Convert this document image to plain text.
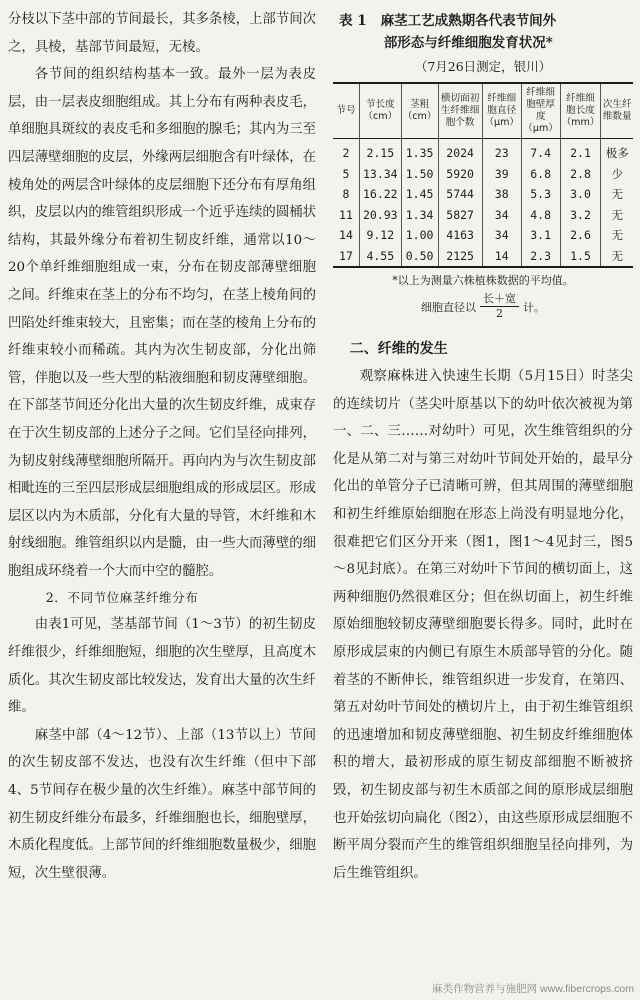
分枝以下茎中部的节间最长，其多条棱，上部节间次之，具棱，基部节间最短，无棱。

各节间的组织结构基本一致。最外一层为表皮层，由一层表皮细胞组成。其上分布有两种表皮毛，单细胞具斑纹的表皮毛和多细胞的腺毛；其内为三至四层薄壁细胞的皮层，外缘两层细胞含有叶绿体，在棱角处的两层含叶绿体的皮层细胞下还分布有厚角组织，皮层以内的维管组织形成一个近乎连续的圆桶状结构，其最外缘分布着初生韧皮纤维，通常以10～20个单纤维细胞组成一束，分布在韧皮部薄壁细胞之间。纤维束在茎上的分布不均匀，在茎上棱角间的凹陷处纤维束较大，且密集；而在茎的棱角上分布的纤维束较小而稀疏。其内为次生韧皮部，分化出筛管，伴胞以及一些大型的粘液细胞和韧皮薄壁细胞。在下部茎节间还分化出大量的次生韧皮纤维，成束存在于次生韧皮部的上述分子之间。它们呈径向排列，为韧皮射线薄壁细胞所隔开。再向内为与次生韧皮部相毗连的三至四层形成层细胞组成的形成层区。形成层区以内为木质部，分化有大量的导管，木纤维和木射线细胞。维管组织以内是髓，由一些大而薄壁的细胞组成环绕着一个大而中空的髓腔。

2．不同节位麻茎纤维分布

由表1可见，茎基部节间（1～3节）的初生韧皮纤维很少，纤维细胞短，细胞的次生壁厚，且高度木质化。其次生韧皮部比较发达，发育出大量的次生纤维。

麻茎中部（4～12节）、上部（13节以上）节间的次生韧皮部不发达，也没有次生纤维（但中下部4、5节间存在极少量的次生纤维）。麻茎中部节间的初生韧皮纤维分布最多，纤维细胞也长，细胞壁厚，木质化程度低。上部节间的纤维细胞数量极少，细胞短，次生壁很薄。

表 1 麻茎工艺成熟期各代表节间外
部形态与纤维细胞发育状况*
（7月26日测定，银川）
节号	节长度（cm）	茎粗（cm）	横切面初生纤维细胞个数	纤维细胞直径（μm）	纤维细胞壁厚度（μm）	纤维细胞长度（mm）	次生纤维数量
2	2.15	1.35	2024	23	7.4	2.1	极多
5	13.34	1.50	5920	39	6.8	2.8	少
8	16.22	1.45	5744	38	5.3	3.0	无
11	20.93	1.34	5827	34	4.8	3.2	无
14	9.12	1.00	4163	34	3.1	2.6	无
17	4.55	0.50	2125	14	2.3	1.5	无
*以上为测量六株植株数据的平均值。
细胞直径以 $\frac{\text{长＋宽}}{2}$ 计。
二、纤维的发生

观察麻株进入快速生长期（5月15日）时茎尖的连续切片（茎尖叶原基以下的幼叶依次被视为第一、二、三……对幼叶）可见，次生维管组织的分化是从第二对与第三对幼叶节间处开始的，最早分化出的单管分子已清晰可辨，但其周围的薄壁细胞和初生纤维原始细胞在形态上尚没有明显地分化，很难把它们区分开来（图1，图1～4见封三，图5～8见封底）。在第三对幼叶下节间的横切面上，这两种细胞仍然很难区分；但在纵切面上，初生纤维原始细胞较韧皮薄壁细胞要长得多。同时，此时在原形成层束的内侧已有原生木质部导管的分化。随着茎的不断伸长，维管组织进一步发育，在第四、第五对幼叶节间处的横切片上，由于初生维管组织的迅速增加和韧皮薄壁细胞、初生韧皮纤维细胞体积的增大，最初形成的原生韧皮部细胞不断被挤毁，初生韧皮部与初生木质部之间的原形成层细胞也开始弦切向扁化（图2），由这些原形成层细胞不断平周分裂而产生的维管组织细胞呈径向排列，为后生维管组织。

麻类作物营养与施肥网 www.fibercrops.com
